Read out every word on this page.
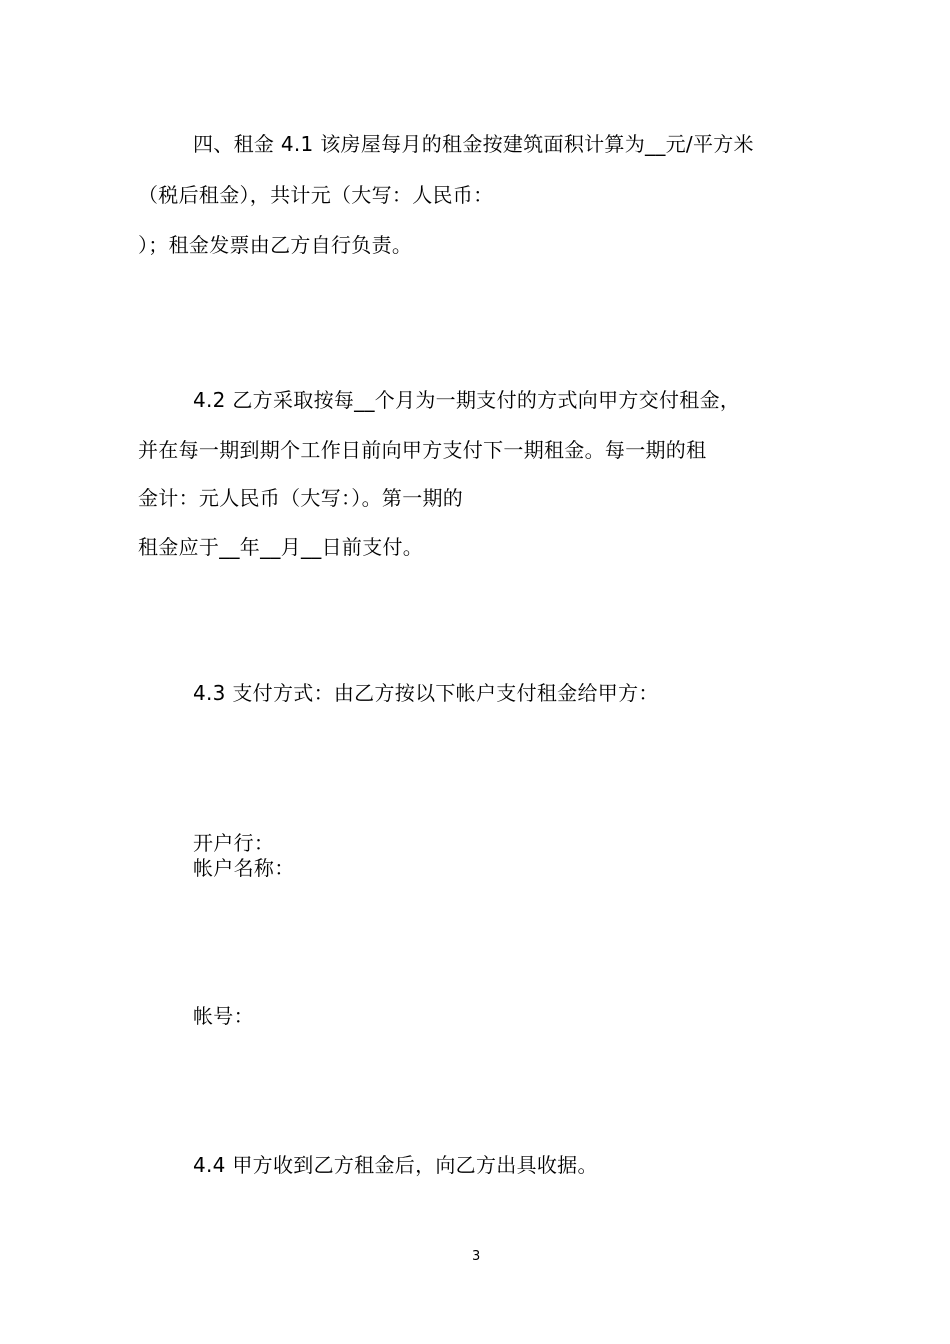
四、租金 4.1 该房屋每月的租金按建筑面积计算为__元/平方米
（税后租金），共计元（大写：人民币：
）；租金发票由乙方自行负责。
4.2 乙方采取按每__个月为一期支付的方式向甲方交付租金，
并在每一期到期个工作日前向甲方支付下一期租金。每一期的租
金计：元人民币（大写：）。第一期的
租金应于__年__月__日前支付。
4.3 支付方式：由乙方按以下帐户支付租金给甲方：
开户行：
帐户名称：
帐号：
4.4 甲方收到乙方租金后，向乙方出具收据。
3
